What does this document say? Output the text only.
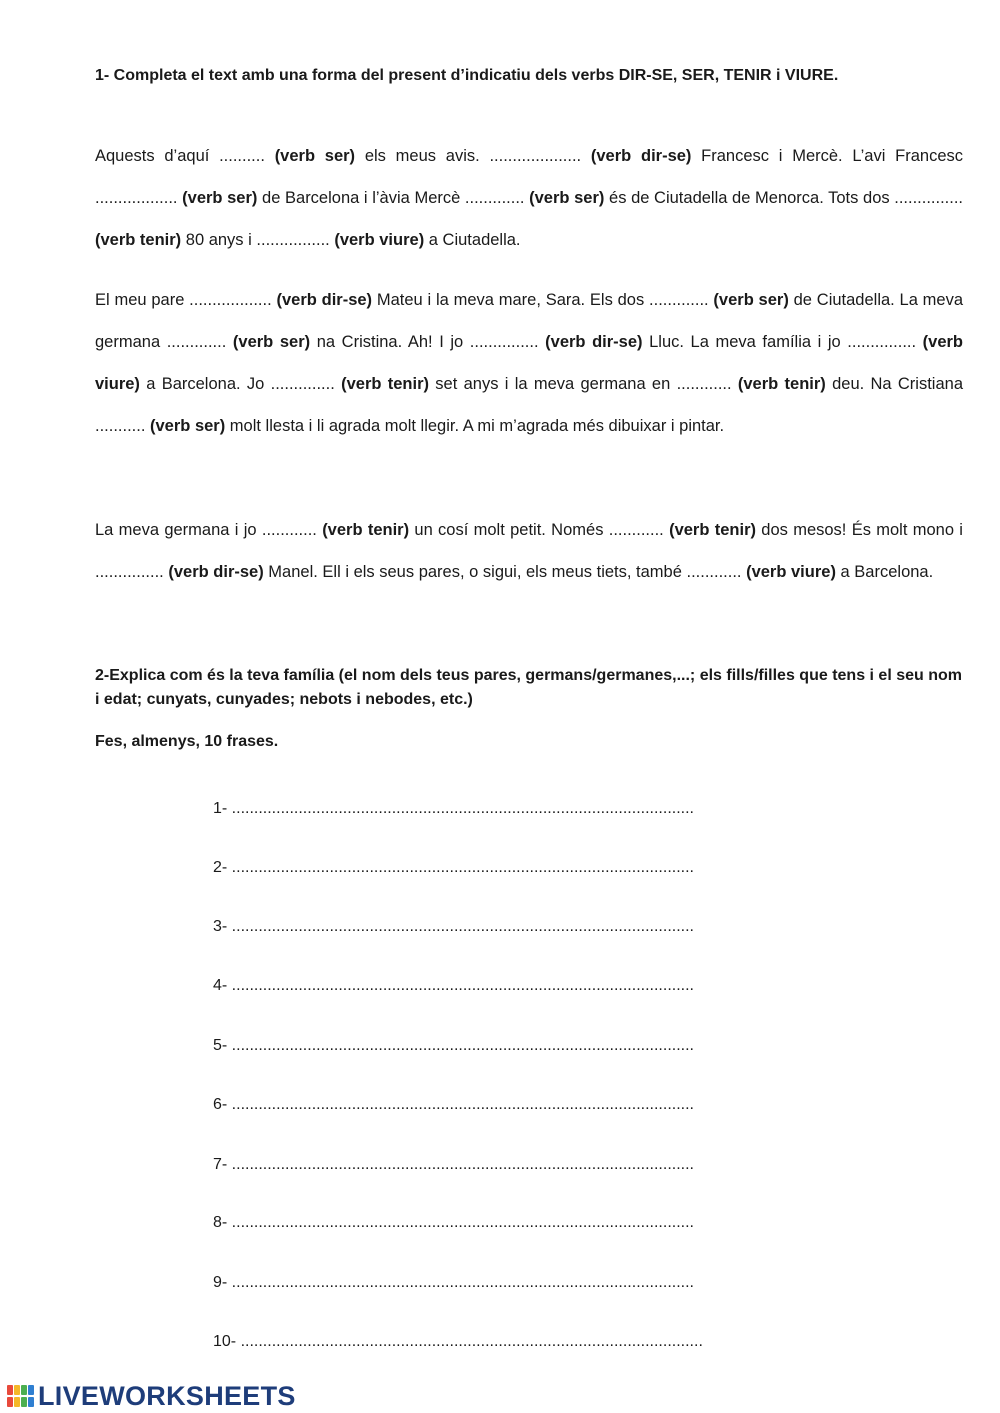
1- Completa el text amb una forma del present d’indicatiu dels verbs DIR-SE, SER, TENIR i VIURE.

Aquests d’aquí .......... (verb ser) els meus avis. .................... (verb dir-se) Francesc i Mercè. L’avi Francesc .................. (verb ser) de Barcelona i l’àvia Mercè ............. (verb ser) és de Ciutadella de Menorca. Tots dos ............... (verb tenir) 80 anys i ................ (verb viure) a Ciutadella.

El meu pare .................. (verb dir-se) Mateu i la meva mare, Sara. Els dos ............. (verb ser) de Ciutadella. La meva germana ............. (verb ser) na Cristina. Ah! I jo ............... (verb dir-se) Lluc. La meva família i jo ............... (verb viure) a Barcelona. Jo .............. (verb tenir) set anys i la meva germana en ............ (verb tenir) deu. Na Cristiana ........... (verb ser) molt llesta i li agrada molt llegir. A mi m’agrada més dibuixar i pintar.

La meva germana i jo ............ (verb tenir) un cosí molt petit. Només ............ (verb tenir) dos mesos! És molt mono i ............... (verb dir-se) Manel. Ell i els seus pares, o sigui, els meus tiets, també ............ (verb viure) a Barcelona.

2-Explica com és la teva família (el nom dels teus pares, germans/germanes,...; els fills/filles que tens i el seu nom i edat; cunyats, cunyades; nebots i nebodes, etc.)
Fes, almenys, 10 frases.
1- ........................................................................................................
2- ........................................................................................................
3- ........................................................................................................
4- ........................................................................................................
5- ........................................................................................................
6- ........................................................................................................
7- ........................................................................................................
8- ........................................................................................................
9- ........................................................................................................
10- ........................................................................................................
LIVEWORKSHEETS
